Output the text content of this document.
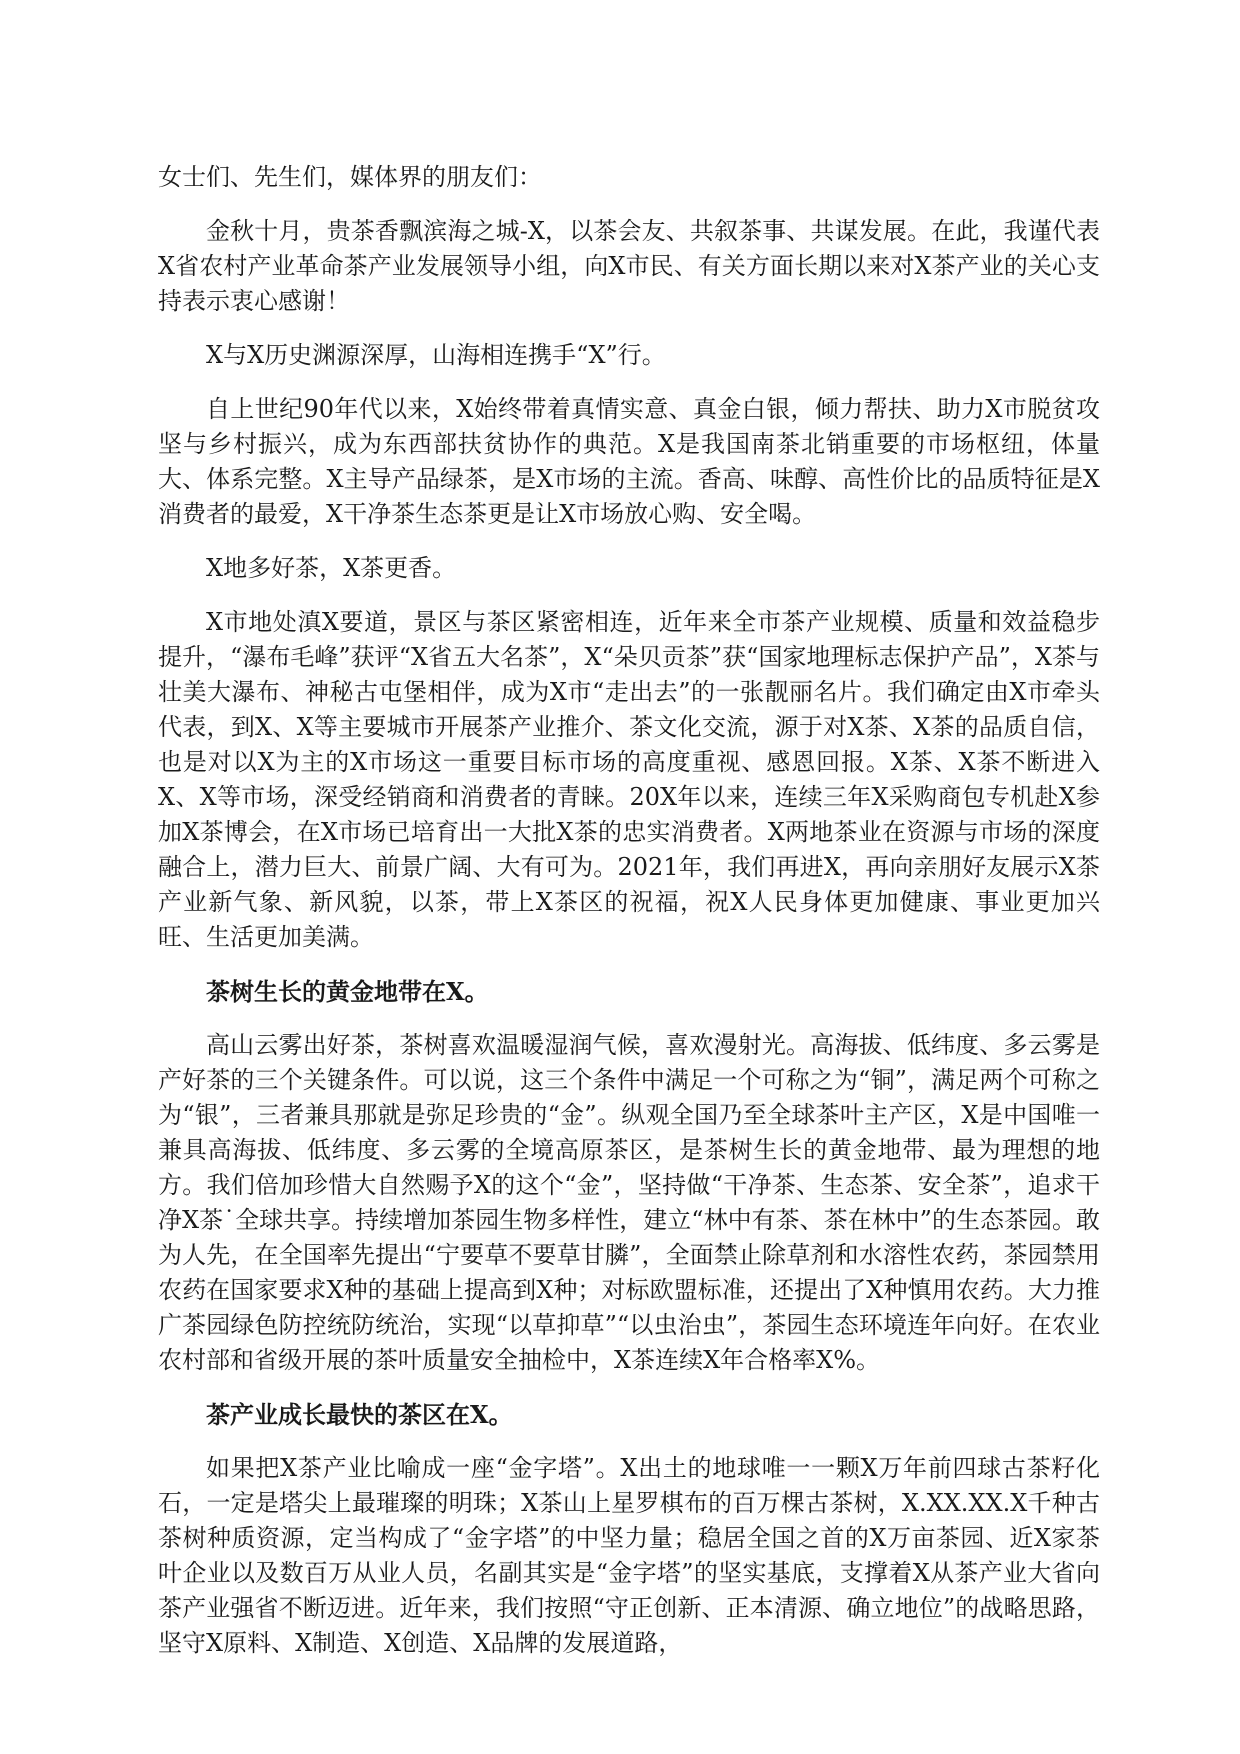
女士们、先生们，媒体界的朋友们：

金秋十月，贵茶香飘滨海之城-X，以茶会友、共叙茶事、共谋发展。在此，我谨代表X省农村产业革命茶产业发展领导小组，向X市民、有关方面长期以来对X茶产业的关心支持表示衷心感谢！

X与X历史渊源深厚，山海相连携手“X”行。

自上世纪90年代以来，X始终带着真情实意、真金白银，倾力帮扶、助力X市脱贫攻坚与乡村振兴，成为东西部扶贫协作的典范。X是我国南茶北销重要的市场枢纽，体量大、体系完整。X主导产品绿茶，是X市场的主流。香高、味醇、高性价比的品质特征是X消费者的最爱，X干净茶生态茶更是让X市场放心购、安全喝。

X地多好茶，X茶更香。

X市地处滇X要道，景区与茶区紧密相连，近年来全市茶产业规模、质量和效益稳步提升，“瀑布毛峰”获评“X省五大名茶”，X“朵贝贡茶”获“国家地理标志保护产品”，X茶与壮美大瀑布、神秘古屯堡相伴，成为X市“走出去”的一张靓丽名片。我们确定由X市牵头代表，到X、X等主要城市开展茶产业推介、茶文化交流，源于对X茶、X茶的品质自信，也是对以X为主的X市场这一重要目标市场的高度重视、感恩回报。X茶、X茶不断进入X、X等市场，深受经销商和消费者的青睐。20X年以来，连续三年X采购商包专机赴X参加X茶博会，在X市场已培育出一大批X茶的忠实消费者。X两地茶业在资源与市场的深度融合上，潜力巨大、前景广阔、大有可为。2021年，我们再进X，再向亲朋好友展示X茶产业新气象、新风貌，以茶，带上X茶区的祝福，祝X人民身体更加健康、事业更加兴旺、生活更加美满。

茶树生长的黄金地带在X。

高山云雾出好茶，茶树喜欢温暖湿润气候，喜欢漫射光。高海拔、低纬度、多云雾是产好茶的三个关键条件。可以说，这三个条件中满足一个可称之为“铜”，满足两个可称之为“银”，三者兼具那就是弥足珍贵的“金”。纵观全国乃至全球茶叶主产区，X是中国唯一兼具高海拔、低纬度、多云雾的全境高原茶区，是茶树生长的黄金地带、最为理想的地方。我们倍加珍惜大自然赐予X的这个“金”，坚持做“干净茶、生态茶、安全茶”，追求干净X茶˙全球共享。持续增加茶园生物多样性，建立“林中有茶、茶在林中”的生态茶园。敢为人先，在全国率先提出“宁要草不要草甘膦”，全面禁止除草剂和水溶性农药，茶园禁用农药在国家要求X种的基础上提高到X种；对标欧盟标准，还提出了X种慎用农药。大力推广茶园绿色防控统防统治，实现“以草抑草”“以虫治虫”，茶园生态环境连年向好。在农业农村部和省级开展的茶叶质量安全抽检中，X茶连续X年合格率X%。

茶产业成长最快的茶区在X。

如果把X茶产业比喻成一座“金字塔”。X出土的地球唯一一颗X万年前四球古茶籽化石，一定是塔尖上最璀璨的明珠；X茶山上星罗棋布的百万棵古茶树，X.XX.XX.X千种古茶树种质资源，定当构成了“金字塔”的中坚力量；稳居全国之首的X万亩茶园、近X家茶叶企业以及数百万从业人员，名副其实是“金字塔”的坚实基底，支撑着X从茶产业大省向茶产业强省不断迈进。近年来，我们按照“守正创新、正本清源、确立地位”的战略思路，坚守X原料、X制造、X创造、X品牌的发展道路，
